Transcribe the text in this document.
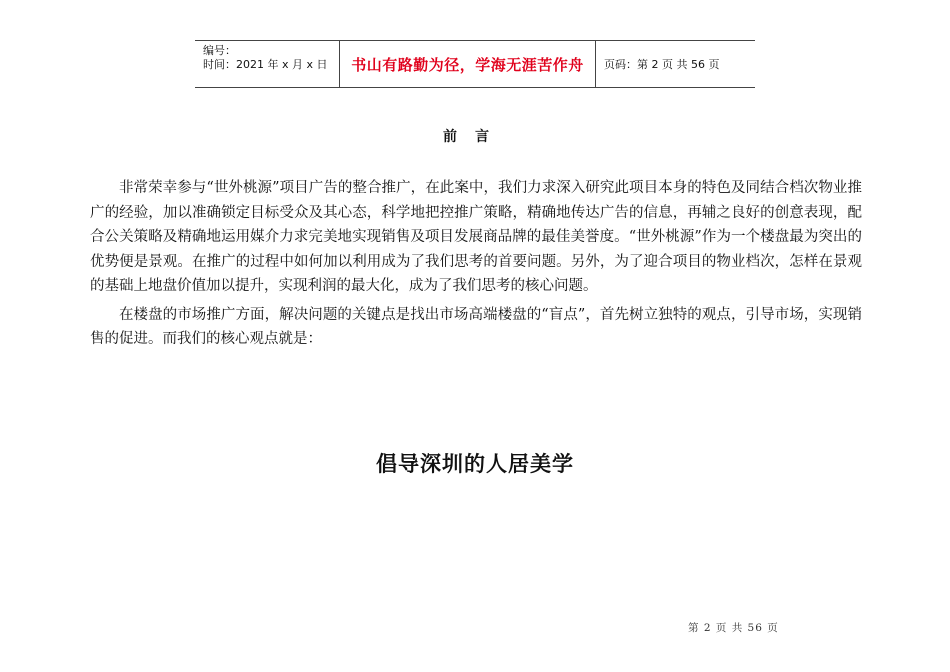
编号：
时间：2021 年 x 月 x 日	书山有路勤为径，学海无涯苦作舟	页码：第 2 页 共 56 页
前言

非常荣幸参与“世外桃源”项目广告的整合推广，在此案中，我们力求深入研究此项目本身的特色及同结合档次物业推广的经验，加以准确锁定目标受众及其心态，科学地把控推广策略，精确地传达广告的信息，再辅之良好的创意表现，配合公关策略及精确地运用媒介力求完美地实现销售及项目发展商品牌的最佳美誉度。“世外桃源”作为一个楼盘最为突出的优势便是景观。在推广的过程中如何加以利用成为了我们思考的首要问题。另外，为了迎合项目的物业档次，怎样在景观的基础上地盘价值加以提升，实现利润的最大化，成为了我们思考的核心问题。

在楼盘的市场推广方面，解决问题的关键点是找出市场高端楼盘的“盲点”，首先树立独特的观点，引导市场，实现销售的促进。而我们的核心观点就是：

倡导深圳的人居美学
第 2 页 共 56 页
